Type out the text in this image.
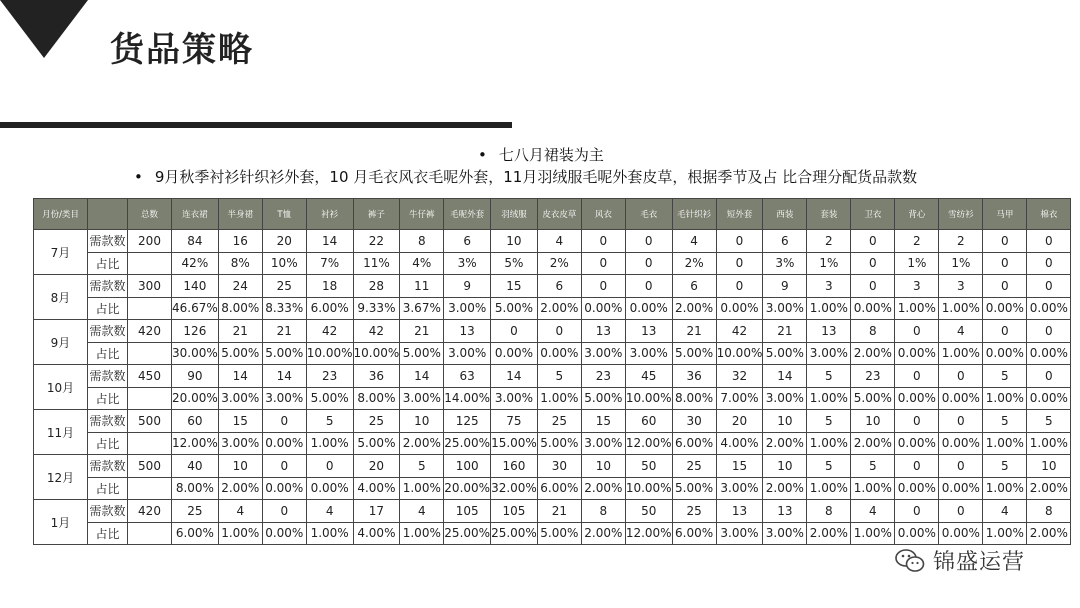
货品策略
• 七八月裙装为主
• 9月秋季衬衫针织衫外套，10 月毛衣风衣毛呢外套，11月羽绒服毛呢外套皮草，根据季节及占 比合理分配货品款数
月份/类目		总数	连衣裙	半身裙	T恤	衬衫	裤子	牛仔裤	毛呢外套	羽绒服	皮衣皮草	风衣	毛衣	毛针织衫	短外套	西装	套装	卫衣	背心	雪纺衫	马甲	棉衣
7月	需款数	200	84	16	20	14	22	8	6	10	4	0	0	4	0	6	2	0	2	2	0	0
	占比		42%	8%	10%	7%	11%	4%	3%	5%	2%	0	0	2%	0	3%	1%	0	1%	1%	0	0
8月	需款数	300	140	24	25	18	28	11	9	15	6	0	0	6	0	9	3	0	3	3	0	0
	占比		46.67%	8.00%	8.33%	6.00%	9.33%	3.67%	3.00%	5.00%	2.00%	0.00%	0.00%	2.00%	0.00%	3.00%	1.00%	0.00%	1.00%	1.00%	0.00%	0.00%
9月	需款数	420	126	21	21	42	42	21	13	0	0	13	13	21	42	21	13	8	0	4	0	0
	占比		30.00%	5.00%	5.00%	10.00%	10.00%	5.00%	3.00%	0.00%	0.00%	3.00%	3.00%	5.00%	10.00%	5.00%	3.00%	2.00%	0.00%	1.00%	0.00%	0.00%
10月	需款数	450	90	14	14	23	36	14	63	14	5	23	45	36	32	14	5	23	0	0	5	0
	占比		20.00%	3.00%	3.00%	5.00%	8.00%	3.00%	14.00%	3.00%	1.00%	5.00%	10.00%	8.00%	7.00%	3.00%	1.00%	5.00%	0.00%	0.00%	1.00%	0.00%
11月	需款数	500	60	15	0	5	25	10	125	75	25	15	60	30	20	10	5	10	0	0	5	5
	占比		12.00%	3.00%	0.00%	1.00%	5.00%	2.00%	25.00%	15.00%	5.00%	3.00%	12.00%	6.00%	4.00%	2.00%	1.00%	2.00%	0.00%	0.00%	1.00%	1.00%
12月	需款数	500	40	10	0	0	20	5	100	160	30	10	50	25	15	10	5	5	0	0	5	10
	占比		8.00%	2.00%	0.00%	0.00%	4.00%	1.00%	20.00%	32.00%	6.00%	2.00%	10.00%	5.00%	3.00%	2.00%	1.00%	1.00%	0.00%	0.00%	1.00%	2.00%
1月	需款数	420	25	4	0	4	17	4	105	105	21	8	50	25	13	13	8	4	0	0	4	8
	占比		6.00%	1.00%	0.00%	1.00%	4.00%	1.00%	25.00%	25.00%	5.00%	2.00%	12.00%	6.00%	3.00%	3.00%	2.00%	1.00%	0.00%	0.00%	1.00%	2.00%
锦盛运营
